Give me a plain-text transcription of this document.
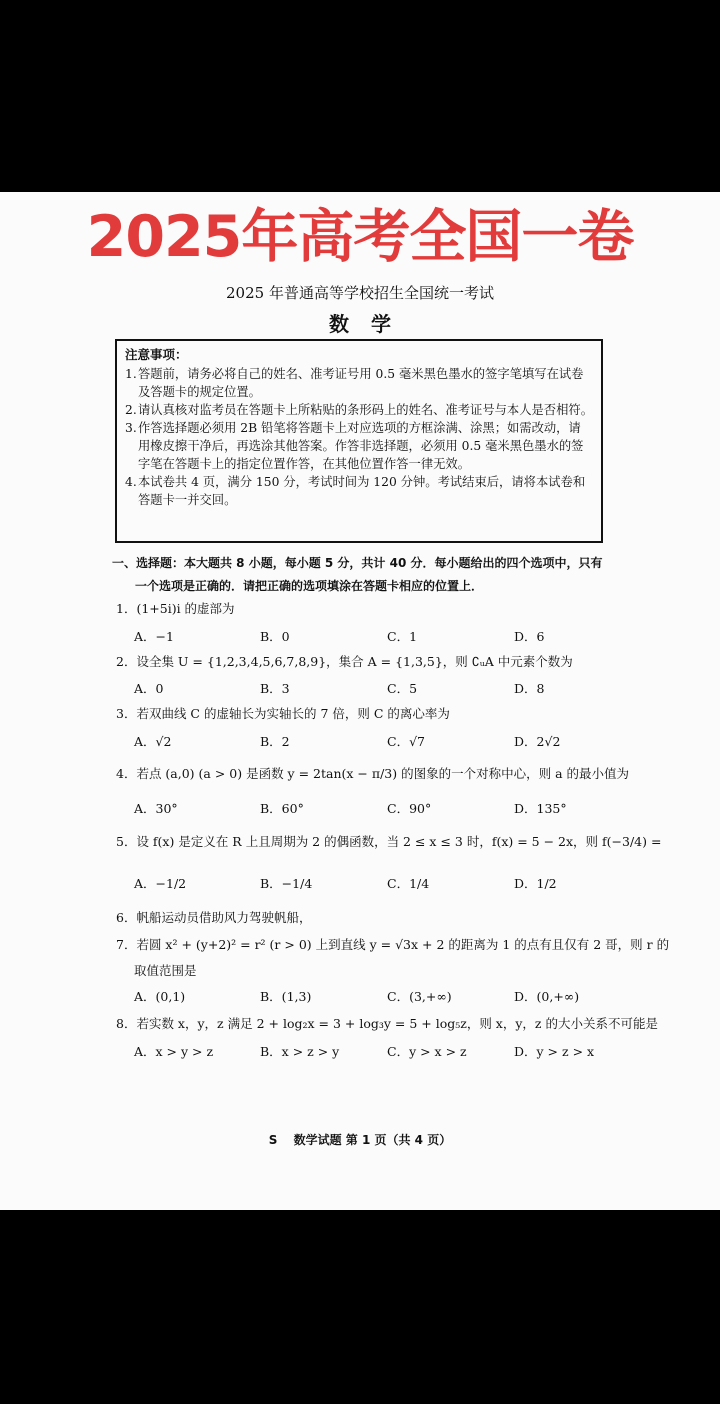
2025年高考全国一卷
2025 年普通高等学校招生全国统一考试
数学
注意事项：
1. 答题前，请务必将自己的姓名、准考证号用 0.5 毫米黑色墨水的签字笔填写在试卷及答题卡的规定位置。
2. 请认真核对监考员在答题卡上所粘贴的条形码上的姓名、准考证号与本人是否相符。
3. 作答选择题必须用 2B 铅笔将答题卡上对应选项的方框涂满、涂黑；如需改动，请用橡皮擦干净后，再选涂其他答案。作答非选择题，必须用 0.5 毫米黑色墨水的签字笔在答题卡上的指定位置作答，在其他位置作答一律无效。
4. 本试卷共 4 页，满分 150 分，考试时间为 120 分钟。考试结束后，请将本试卷和答题卡一并交回。
一、选择题：本大题共 8 小题，每小题 5 分，共计 40 分．每小题给出的四个选项中，只有
一个选项是正确的．请把正确的选项填涂在答题卡相应的位置上．
1．(1+5i)i 的虚部为
A．−1	B．0	C．1	D．6
2．设全集 U = {1,2,3,4,5,6,7,8,9}，集合 A = {1,3,5}，则 ∁ᵤA 中元素个数为
A．0	B．3	C．5	D．8
3．若双曲线 C 的虚轴长为实轴长的 7 倍，则 C 的离心率为
A．√2	B．2	C．√7	D．2√2
4．若点 (a,0) (a > 0) 是函数 y = 2tan(x − π/3) 的图象的一个对称中心，则 a 的最小值为
A．30°	B．60°	C．90°	D．135°
5．设 f(x) 是定义在 R 上且周期为 2 的偶函数，当 2 ≤ x ≤ 3 时，f(x) = 5 − 2x，则 f(−3/4) =
A．−1/2	B．−1/4	C．1/4	D．1/2
6．帆船运动员借助风力驾驶帆船，
7．若圆 x² + (y+2)² = r² (r > 0) 上到直线 y = √3x + 2 的距离为 1 的点有且仅有 2 哥，则 r 的
取值范围是
A．(0,1)	B．(1,3)	C．(3,+∞)	D．(0,+∞)
8．若实数 x，y，z 满足 2 + log₂x = 3 + log₃y = 5 + log₅z，则 x，y，z 的大小关系不可能是
A．x > y > z	B．x > z > y	C．y > x > z	D．y > z > x
S 数学试题 第 1 页（共 4 页）
